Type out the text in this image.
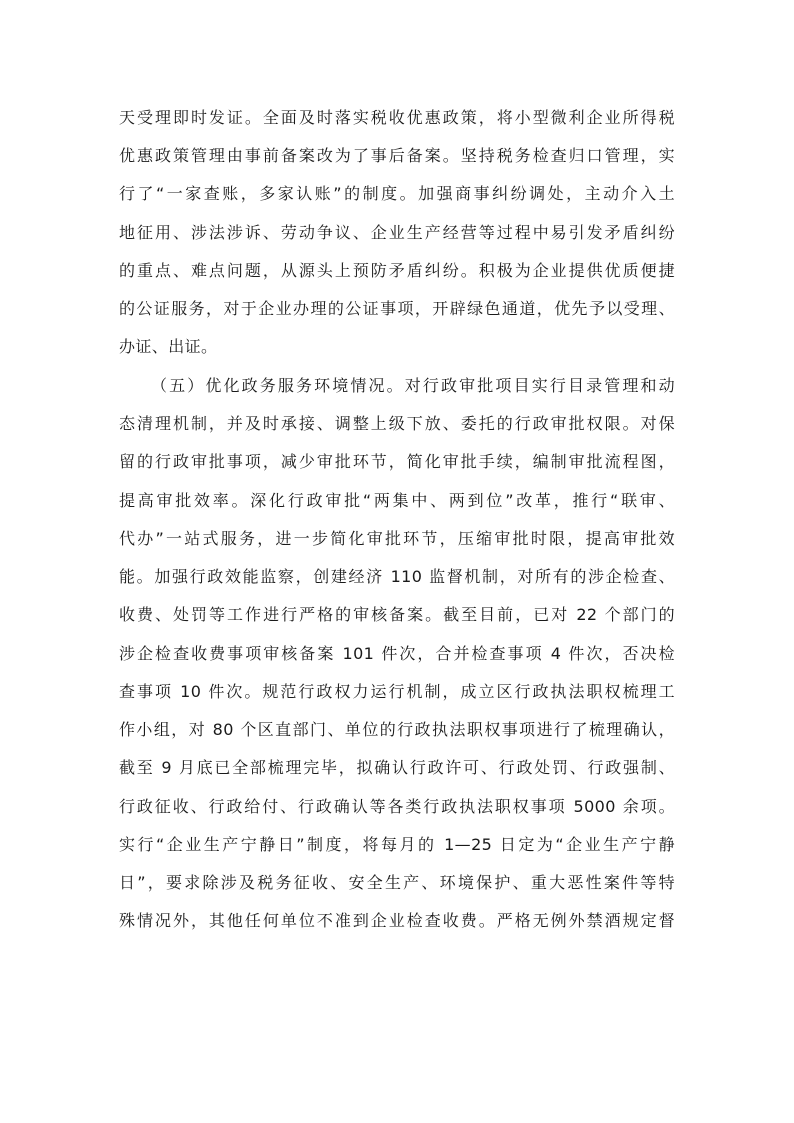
天受理即时发证。全面及时落实税收优惠政策，将小型微利企业所得税
优惠政策管理由事前备案改为了事后备案。坚持税务检查归口管理，实
行了“一家查账，多家认账”的制度。加强商事纠纷调处，主动介入土
地征用、涉法涉诉、劳动争议、企业生产经营等过程中易引发矛盾纠纷
的重点、难点问题，从源头上预防矛盾纠纷。积极为企业提供优质便捷
的公证服务，对于企业办理的公证事项，开辟绿色通道，优先予以受理、
办证、出证。
（五）优化政务服务环境情况。对行政审批项目实行目录管理和动
态清理机制，并及时承接、调整上级下放、委托的行政审批权限。对保
留的行政审批事项，减少审批环节，简化审批手续，编制审批流程图，
提高审批效率。深化行政审批“两集中、两到位”改革，推行“联审、
代办”一站式服务，进一步简化审批环节，压缩审批时限，提高审批效
能。加强行政效能监察，创建经济 110 监督机制，对所有的涉企检查、
收费、处罚等工作进行严格的审核备案。截至目前，已对 22 个部门的
涉企检查收费事项审核备案 101 件次，合并检查事项 4 件次，否决检
查事项 10 件次。规范行政权力运行机制，成立区行政执法职权梳理工
作小组，对 80 个区直部门、单位的行政执法职权事项进行了梳理确认，
截至 9 月底已全部梳理完毕，拟确认行政许可、行政处罚、行政强制、
行政征收、行政给付、行政确认等各类行政执法职权事项 5000 余项。
实行“企业生产宁静日”制度，将每月的 1—25 日定为“企业生产宁静
日”，要求除涉及税务征收、安全生产、环境保护、重大恶性案件等特
殊情况外，其他任何单位不准到企业检查收费。严格无例外禁酒规定督
